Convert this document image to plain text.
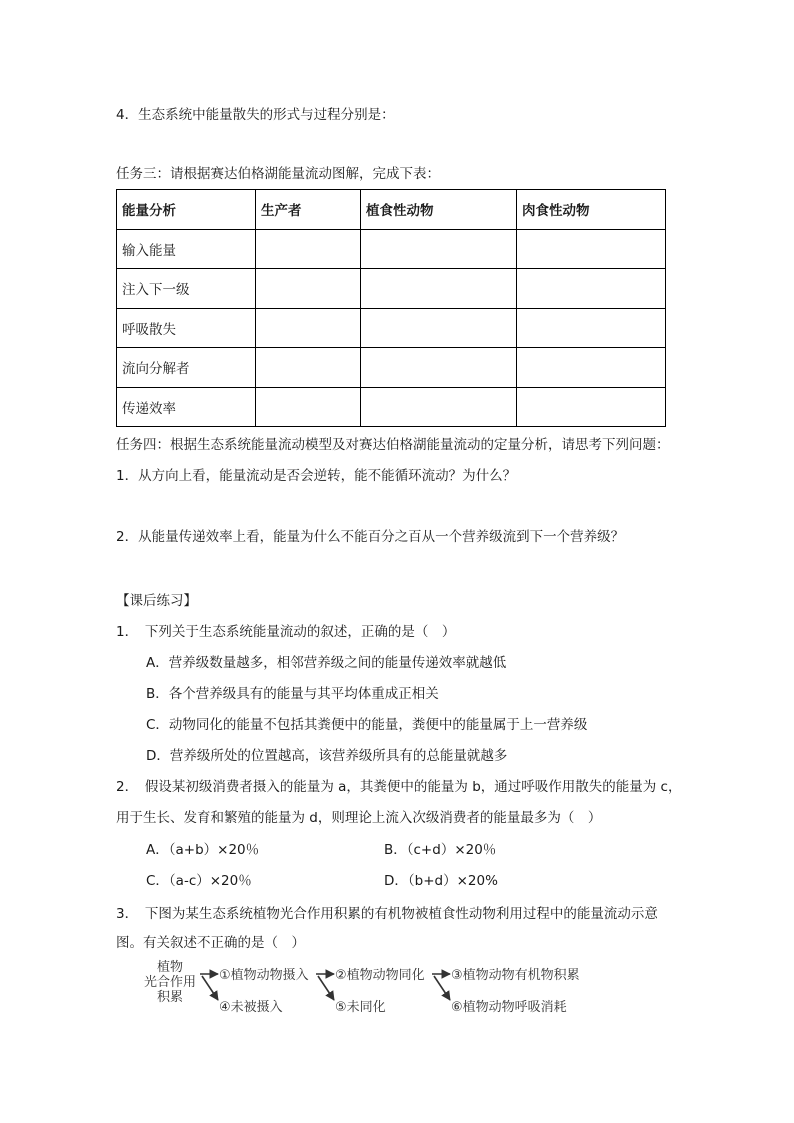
4．生态系统中能量散失的形式与过程分别是：
任务三：请根据赛达伯格湖能量流动图解，完成下表：
能量分析	生产者	植食性动物	肉食性动物
输入能量			
注入下一级			
呼吸散失			
流向分解者			
传递效率			
任务四：根据生态系统能量流动模型及对赛达伯格湖能量流动的定量分析，请思考下列问题：
1．从方向上看，能量流动是否会逆转，能不能循环流动？为什么？
2．从能量传递效率上看，能量为什么不能百分之百从一个营养级流到下一个营养级？
【课后练习】
1．　下列关于生态系统能量流动的叙述，正确的是（　）
A．营养级数量越多，相邻营养级之间的能量传递效率就越低
B．各个营养级具有的能量与其平均体重成正相关
C．动物同化的能量不包括其粪便中的能量，粪便中的能量属于上一营养级
D．营养级所处的位置越高，该营养级所具有的总能量就越多
2．　假设某初级消费者摄入的能量为 a，其粪便中的能量为 b，通过呼吸作用散失的能量为 c，
用于生长、发育和繁殖的能量为 d，则理论上流入次级消费者的能量最多为（　）
A．（a+b）×20％	B．（c+d）×20％
C．（a-c）×20％	D．（b+d）×20%
3．　下图为某生态系统植物光合作用积累的有机物被植食性动物利用过程中的能量流动示意
图。有关叙述不正确的是（　）
植物
光合作用
积累
①植物动物摄入
④未被摄入
②植物动物同化
⑤未同化
③植物动物有机物积累
⑥植物动物呼吸消耗
